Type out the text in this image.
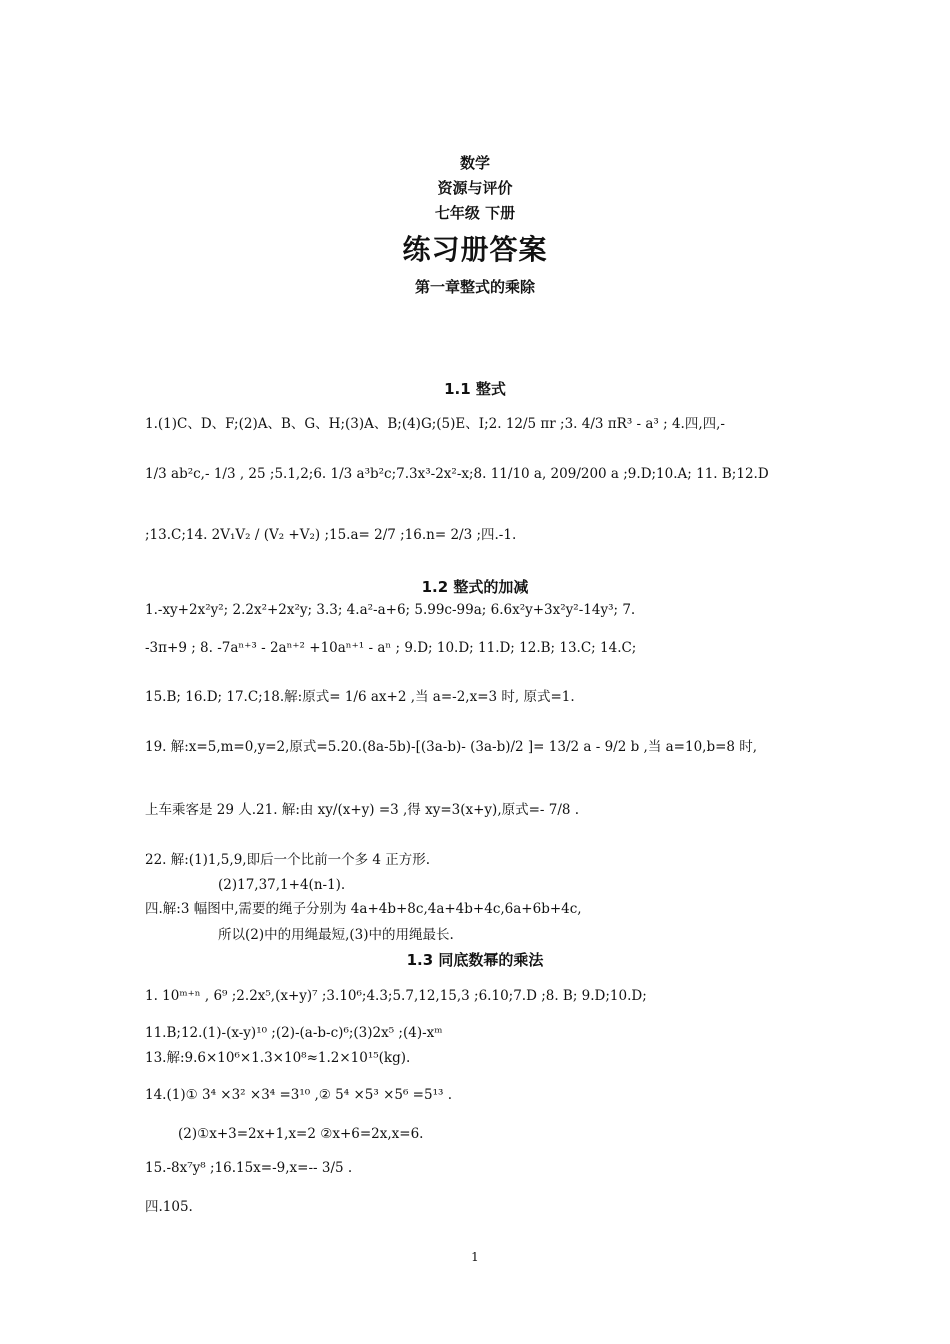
数学
资源与评价
七年级 下册
练习册答案
第一章整式的乘除
1.1 整式
1.(1)C、D、F;(2)A、B、G、H;(3)A、B;(4)G;(5)E、I;2. 12/5 πr ;3. 4/3 πR³ - a³ ; 4.四,四,-
1/3 ab²c,- 1/3 , 25 ;5.1,2;6. 1/3 a³b²c;7.3x³-2x²-x;8. 11/10 a, 209/200 a ;9.D;10.A; 11. B;12.D
;13.C;14. 2V₁V₂ / (V₂ +V₂) ;15.a= 2/7 ;16.n= 2/3 ;四.-1.
1.2 整式的加减
1.-xy+2x²y²; 2.2x²+2x²y; 3.3; 4.a²-a+6; 5.99c-99a; 6.6x²y+3x²y²-14y³; 7.
-3π+9 ; 8. -7aⁿ⁺³ - 2aⁿ⁺² +10aⁿ⁺¹ - aⁿ ; 9.D; 10.D; 11.D; 12.B; 13.C; 14.C;
15.B; 16.D; 17.C;18.解:原式= 1/6 ax+2 ,当 a=-2,x=3 时, 原式=1.
19. 解:x=5,m=0,y=2,原式=5.20.(8a-5b)-[(3a-b)- (3a-b)/2 ]= 13/2 a - 9/2 b ,当 a=10,b=8 时,
上车乘客是 29 人.21. 解:由 xy/(x+y) =3 ,得 xy=3(x+y),原式=- 7/8 .
22. 解:(1)1,5,9,即后一个比前一个多 4 正方形.
(2)17,37,1+4(n-1).
四.解:3 幅图中,需要的绳子分别为 4a+4b+8c,4a+4b+4c,6a+6b+4c,
所以(2)中的用绳最短,(3)中的用绳最长.
1.3 同底数幂的乘法
1. 10ᵐ⁺ⁿ , 6⁹ ;2.2x⁵,(x+y)⁷ ;3.10⁶;4.3;5.7,12,15,3 ;6.10;7.D ;8. B; 9.D;10.D;
11.B;12.(1)-(x-y)¹⁰ ;(2)-(a-b-c)⁶;(3)2x⁵ ;(4)-xᵐ
13.解:9.6×10⁶×1.3×10⁸≈1.2×10¹⁵(kg).
14.(1)① 3⁴ ×3² ×3⁴ =3¹⁰ ,② 5⁴ ×5³ ×5⁶ =5¹³ .
(2)①x+3=2x+1,x=2 ②x+6=2x,x=6.
15.-8x⁷y⁸ ;16.15x=-9,x=-- 3/5 .
四.105.
1
